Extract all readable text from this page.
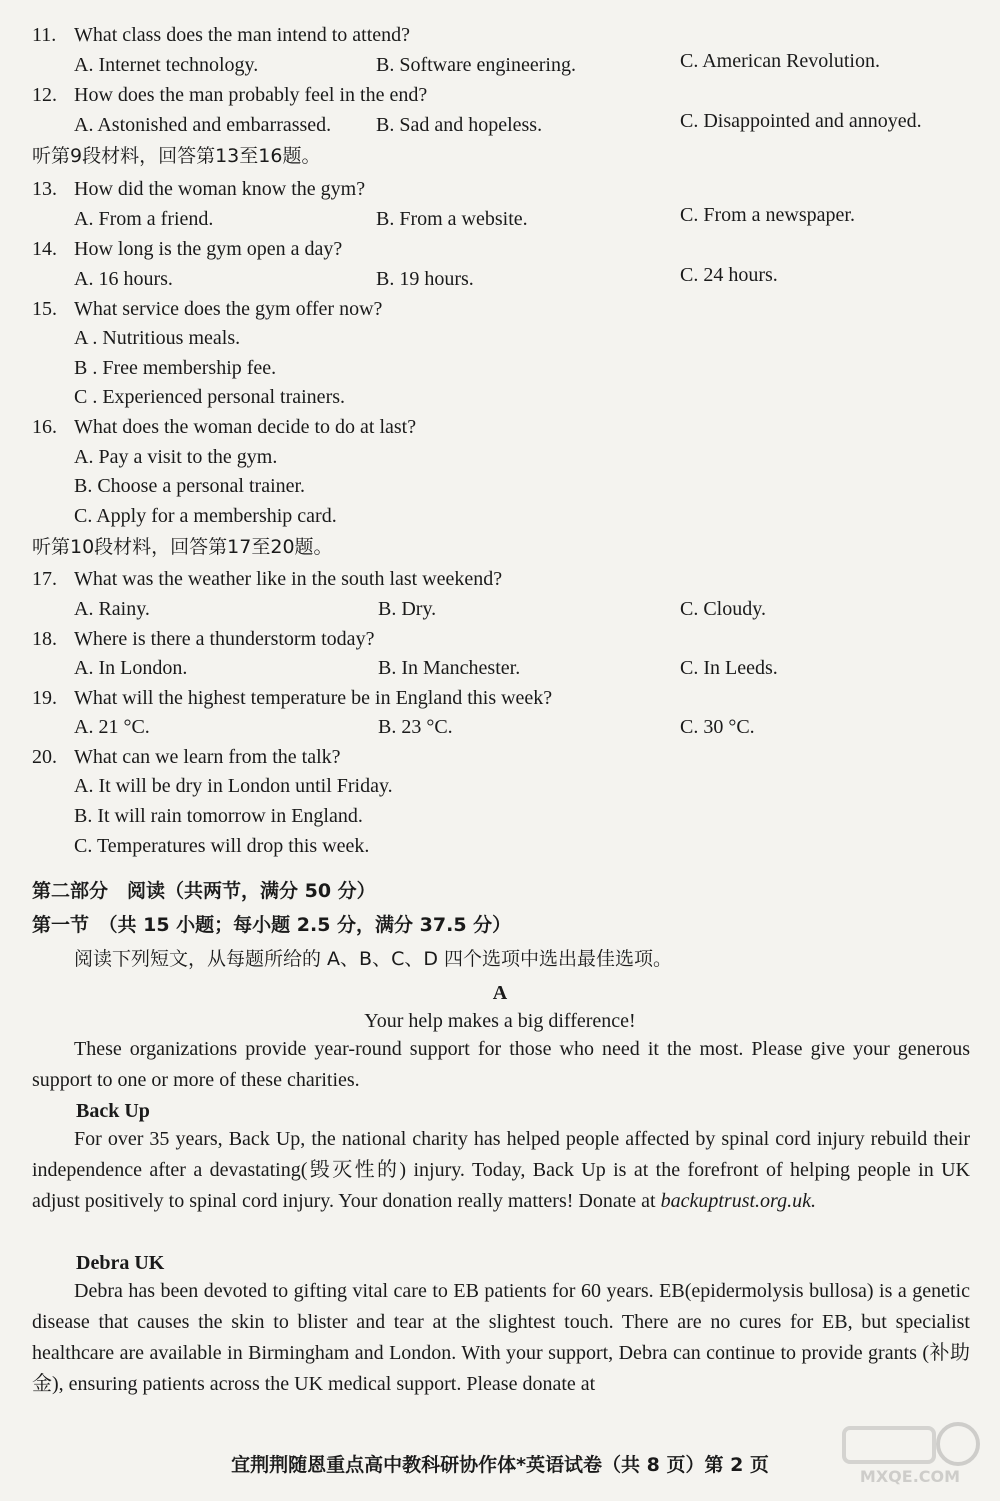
11. What class does the man intend to attend?
A. Internet technology.	B. Software engineering.	C. American Revolution.
12. How does the man probably feel in the end?
A. Astonished and embarrassed. B. Sad and hopeless.	C. Disappointed and annoyed.
听第9段材料，回答第13至16题。
13. How did the woman know the gym?
A. From a friend.	B. From a website.	C. From a newspaper.
14. How long is the gym open a day?
A. 16 hours.	B. 19 hours.	C. 24 hours.
15. What service does the gym offer now?
A . Nutritious meals.
B . Free membership fee.
C . Experienced personal trainers.
16. What does the woman decide to do at last?
A. Pay a visit to the gym.
B. Choose a personal trainer.
C. Apply for a membership card.
听第10段材料，回答第17至20题。
17. What was the weather like in the south last weekend?
A. Rainy.	B. Dry.	C. Cloudy.
18. Where is there a thunderstorm today?
A. In London.	B. In Manchester.	C. In Leeds.
19. What will the highest temperature be in England this week?
A. 21 °C.	B. 23 °C.	C. 30 °C.
20. What can we learn from the talk?
A. It will be dry in London until Friday.
B. It will rain tomorrow in England.
C. Temperatures will drop this week.
第二部分　阅读（共两节，满分 50 分）
第一节　（共 15 小题；每小题 2.5 分，满分 37.5 分）
阅读下列短文，从每题所给的 A、B、C、D 四个选项中选出最佳选项。
A
Your help makes a big difference!
These organizations provide year-round support for those who need it the most. Please give your generous support to one or more of these charities.
Back Up
For over 35 years, Back Up, the national charity has helped people affected by spinal cord injury rebuild their independence after a devastating(毁灭性的) injury. Today, Back Up is at the forefront of helping people in UK adjust positively to spinal cord injury. Your donation really matters! Donate at backuptrust.org.uk.
Debra UK
Debra has been devoted to gifting vital care to EB patients for 60 years. EB(epidermolysis bullosa) is a genetic disease that causes the skin to blister and tear at the slightest touch. There are no cures for EB, but specialist healthcare are available in Birmingham and London. With your support, Debra can continue to provide grants (补助金), ensuring patients across the UK medical support. Please donate at
宜荆荆随恩重点高中教科研协作体*英语试卷（共 8 页）第 2 页
MXQE.COM
